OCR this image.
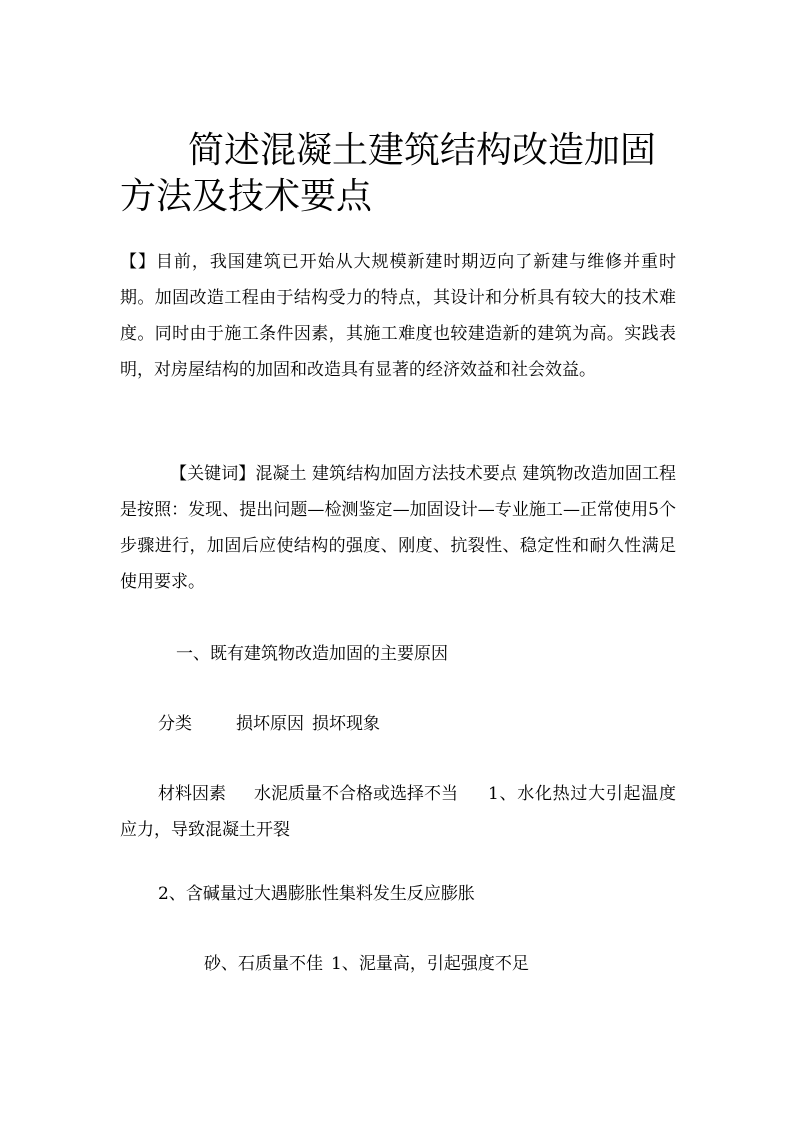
简述混凝土建筑结构改造加固方法及技术要点

【】目前，我国建筑已开始从大规模新建时期迈向了新建与维修并重时期。加固改造工程由于结构受力的特点，其设计和分析具有较大的技术难度。同时由于施工条件因素，其施工难度也较建造新的建筑为高。实践表明，对房屋结构的加固和改造具有显著的经济效益和社会效益。

【关键词】混凝土 建筑结构加固方法技术要点 建筑物改造加固工程是按照：发现、提出问题—检测鉴定—加固设计—专业施工—正常使用5个步骤进行，加固后应使结构的强度、刚度、抗裂性、稳定性和耐久性满足使用要求。

一、既有建筑物改造加固的主要原因

分类	损坏原因 损坏现象

材料因素 水泥质量不合格或选择不当 1、水化热过大引起温度应力，导致混凝土开裂

2、含碱量过大遇膨胀性集料发生反应膨胀

砂、石质量不佳 1、泥量高，引起强度不足
